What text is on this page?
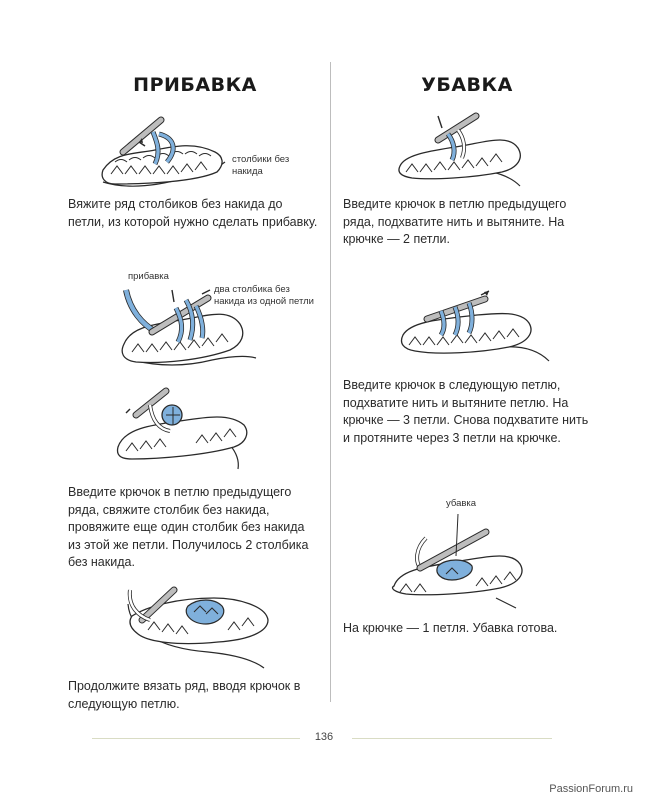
ПРИБАВКА	УБАВКА
столбики без накида
Вяжите ряд столбиков без накида до петли, из которой нужно сделать прибавку.
прибавка
два столбика без накида из одной петли
Введите крючок в петлю предыдущего ряда, свяжите столбик без накида, провяжите еще один столбик без накида из этой же петли. Получилось 2 столбика без накида.
Продолжите вязать ряд, вводя крючок в следующую петлю.
Введите крючок в петлю предыдущего ряда, подхватите нить и вытяните. На крючке — 2 петли.
Введите крючок в следующую петлю, подхватите нить и вытяните петлю. На крючке — 3 петли. Снова подхватите нить и протяните через 3 петли на крючке.
убавка
На крючке — 1 петля. Убавка готова.
136
PassionForum.ru
